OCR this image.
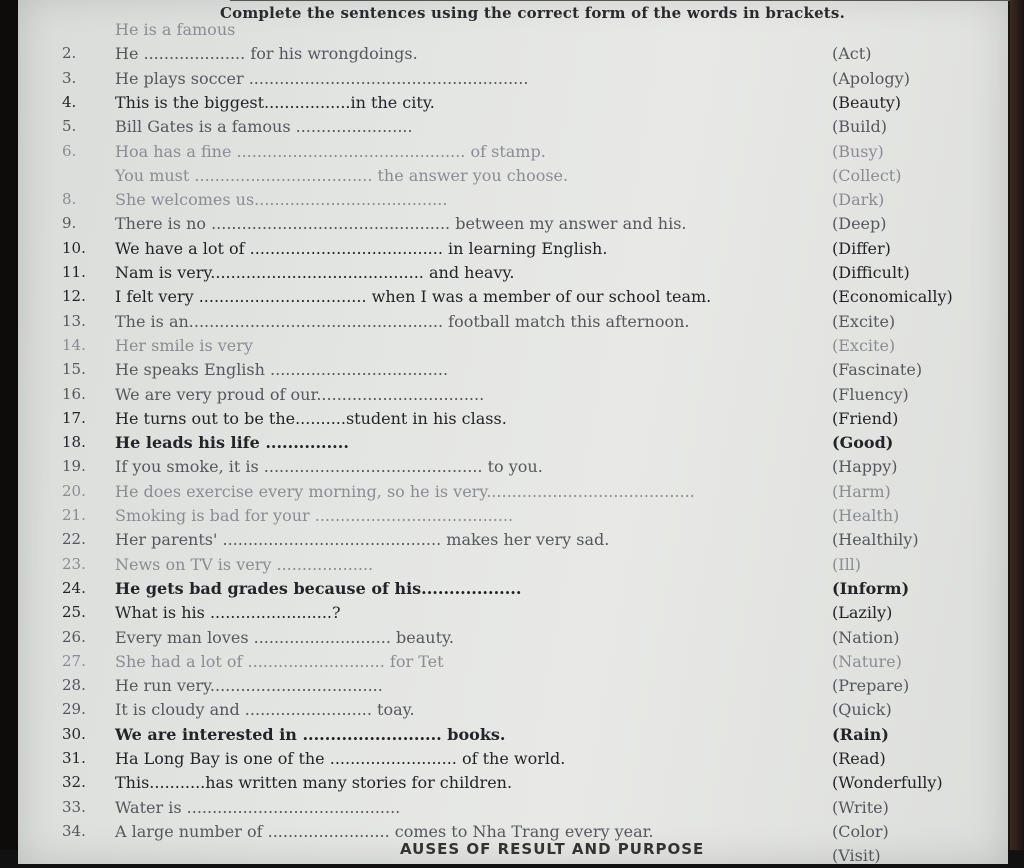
Complete the sentences using the correct form of the words in brackets.
He is a famous
2. He .................... for his wrongdoings.	(Act)
3. He plays soccer .......................................................	(Apology)
4. This is the biggest.................in the city.	(Beauty)
5. Bill Gates is a famous .......................	(Build)
6. Hoa has a fine ............................................. of stamp.	(Busy)
You must ................................... the answer you choose.	(Collect)
8. She welcomes us......................................	(Dark)
9. There is no ............................................... between my answer and his.	(Deep)
10. We have a lot of ...................................... in learning English.	(Differ)
11. Nam is very.......................................... and heavy.	(Difficult)
12. I felt very ................................. when I was a member of our school team.	(Economically)
13. The is an.................................................. football match this afternoon.	(Excite)
14. Her smile is very	(Excite)
15. He speaks English ...................................	(Fascinate)
16. We are very proud of our.................................	(Fluency)
17. He turns out to be the..........student in his class.	(Friend)
18. He leads his life ...............	(Good)
19. If you smoke, it is ........................................... to you.	(Happy)
20. He does exercise every morning, so he is very.........................................	(Harm)
21. Smoking is bad for your .......................................	(Health)
22. Her parents' ........................................... makes her very sad.	(Healthily)
23. News on TV is very ...................	(Ill)
24. He gets bad grades because of his..................	(Inform)
25. What is his ........................?	(Lazily)
26. Every man loves ........................... beauty.	(Nation)
27. She had a lot of ........................... for Tet	(Nature)
28. He run very..................................	(Prepare)
29. It is cloudy and ......................... toay.	(Quick)
30. We are interested in ......................... books.	(Rain)
31. Ha Long Bay is one of the ......................... of the world.	(Read)
32. This...........has written many stories for children.	(Wonderfully)
33. Water is ..........................................	(Write)
34. A large number of ........................ comes to Nha Trang every year.	(Color)
(Visit)
AUSES OF RESULT AND PURPOSE
